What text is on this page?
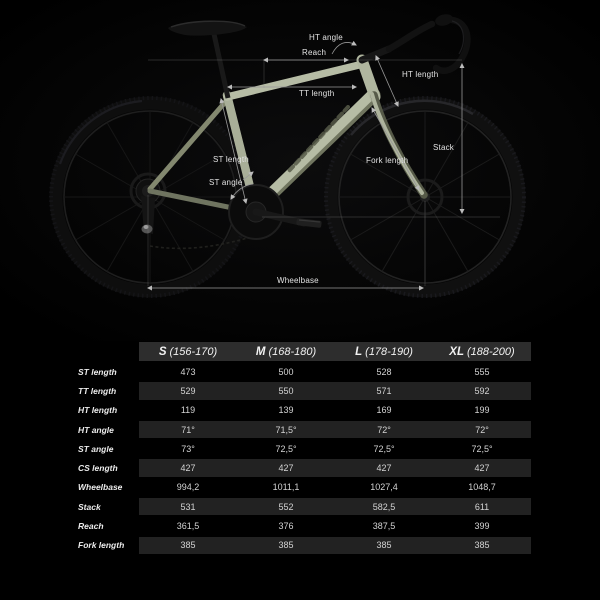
Reach
HT angle
TT length
HT length
ST length
ST angle
Fork length
Stack
Wheelbase
S (156-170)	M (168-180)	L (178-190)	XL (188-200)
ST length	473	500	528	555
TT length	529	550	571	592
HT length	119	139	169	199
HT angle	71°	71,5°	72°	72°
ST angle	73°	72,5°	72,5°	72,5°
CS length	427	427	427	427
Wheelbase	994,2	1011,1	1027,4	1048,7
Stack	531	552	582,5	611
Reach	361,5	376	387,5	399
Fork length	385	385	385	385
